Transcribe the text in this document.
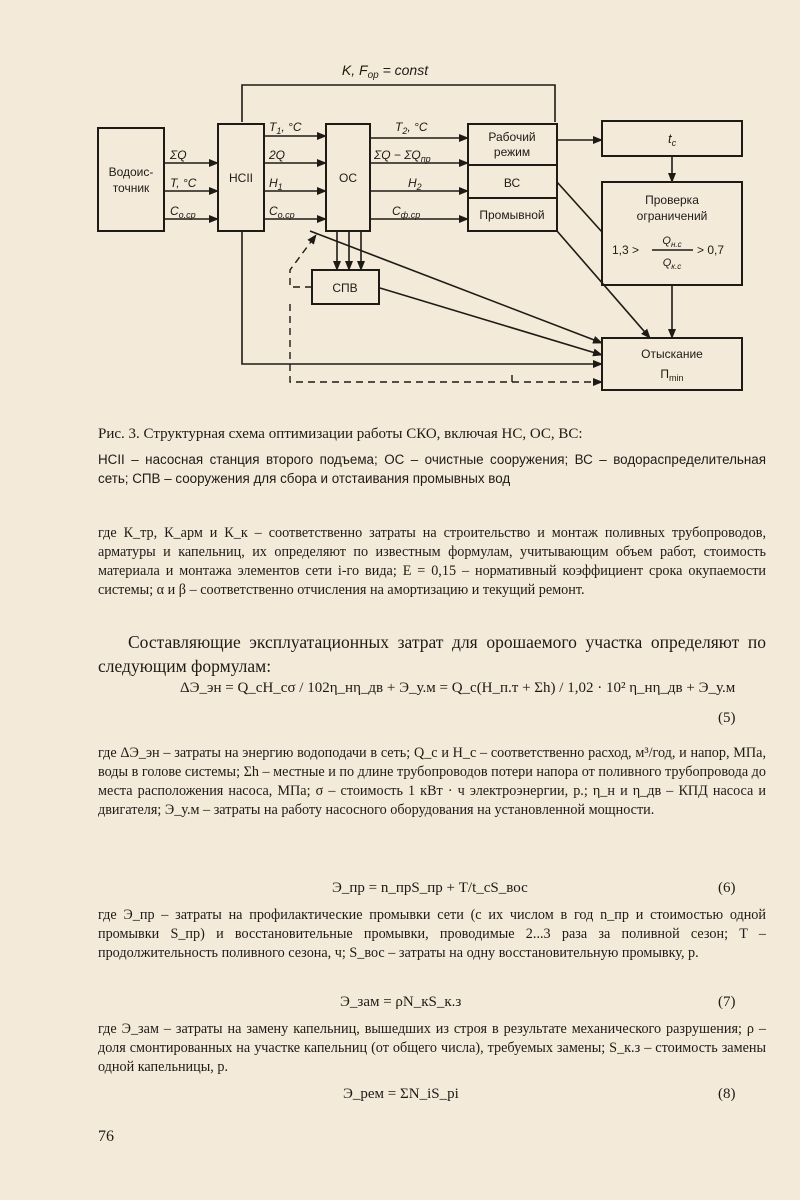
K, $F_{op}$ = const
Водоис-
точник
ΣQ
T, °C
$C_{o.cp}$
НСII
$T_1$, °C
2Q
$H_1$
$C_{o.cp}$
ОС
$T_2$, °C
$\Sigma Q - \Sigma Q_{пр}$
$H_2$
$C_{ф.cp}$
Рабочий
режим
ВС
Промывной
$t_c$
Проверка
ограничений
1,3 >
$Q_{н.с}$
$Q_{к.с}$
> 0,7
СПВ
Отыскание
$П_{min}$
Рис. 3. Структурная схема оптимизации работы СКО, включая НС, ОС, ВС:
НСII – насосная станция второго подъема; ОС – очистные сооружения; ВС – водораспределительная сеть; СПВ – сооружения для сбора и отстаивания промывных вод
где К_тр, К_арм и К_к – соответственно затраты на строительство и монтаж поливных трубопроводов, арматуры и капельниц, их определяют по известным формулам, учитывающим объем работ, стоимость материала и монтажа элементов сети i-го вида; E = 0,15 – нормативный коэффициент срока окупаемости системы; α и β – соответственно отчисления на амортизацию и текущий ремонт.
Составляющие эксплуатационных затрат для орошаемого участка определяют по следующим формулам:
ΔЭ_эн = Q_cH_cσ / 102η_нη_дв + Э_у.м = Q_c(H_п.т + Σh) / 1,02 · 10² η_нη_дв + Э_у.м
(5)
где ΔЭ_эн – затраты на энергию водоподачи в сеть; Q_c и H_c – соответственно расход, м³/год, и напор, МПа, воды в голове системы; Σh – местные и по длине трубопроводов потери напора от поливного трубопровода до места расположения насоса, МПа; σ – стоимость 1 кВт · ч электроэнергии, р.; η_н и η_дв – КПД насоса и двигателя; Э_у.м – затраты на работу насосного оборудования на установленной мощности.
Э_пр = n_прS_пр + T/t_cS_вос	(6)
где Э_пр – затраты на профилактические промывки сети (с их числом в год n_пр и стоимостью одной промывки S_пр) и восстановительные промывки, проводимые 2...3 раза за поливной сезон; T – продолжительность поливного сезона, ч; S_вос – затраты на одну восстановительную промывку, р.
Э_зам = ρN_кS_к.з	(7)
где Э_зам – затраты на замену капельниц, вышедших из строя в результате механического разрушения; ρ – доля смонтированных на участке капельниц (от общего числа), требуемых замены; S_к.з – стоимость замены одной капельницы, р.
Э_рем = ΣN_iS_pi	(8)
76
